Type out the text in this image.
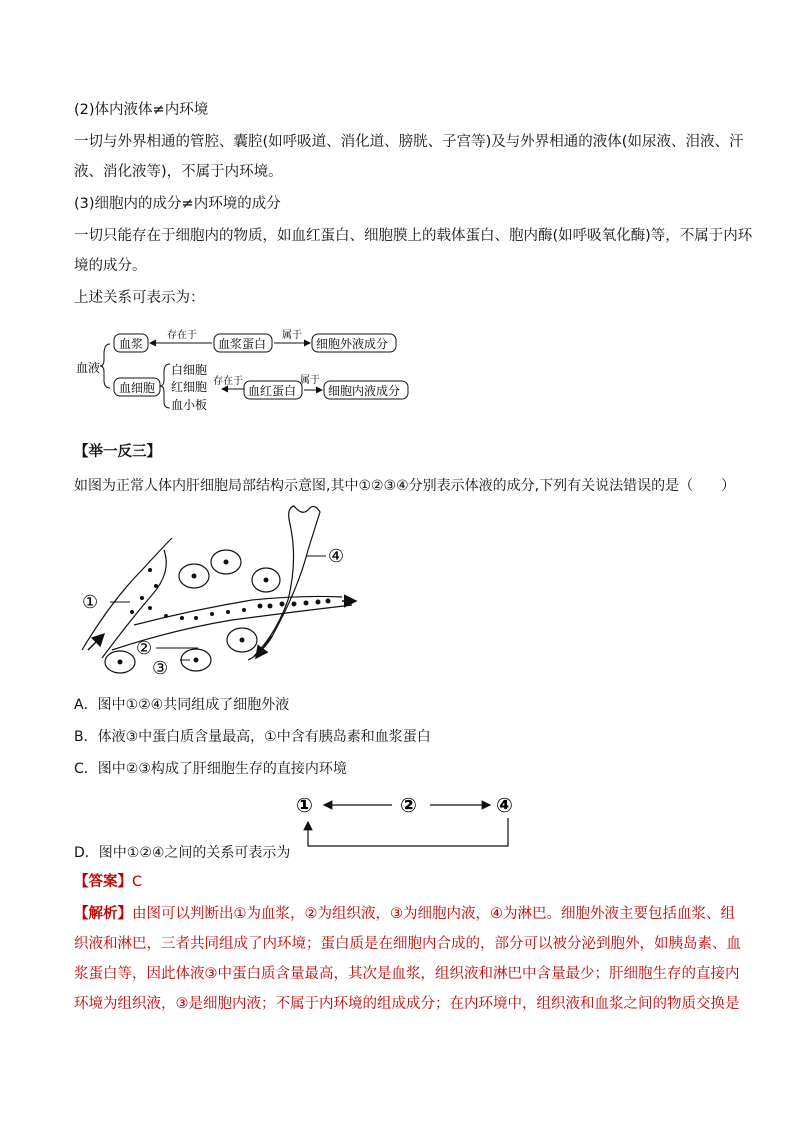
(2)体内液体≠内环境
一切与外界相通的管腔、囊腔(如呼吸道、消化道、膀胱、子宫等)及与外界相通的液体(如尿液、泪液、汗
液、消化液等)，不属于内环境。
(3)细胞内的成分≠内环境的成分
一切只能存在于细胞内的物质，如血红蛋白、细胞膜上的载体蛋白、胞内酶(如呼吸氧化酶)等，不属于内环
境的成分。
上述关系可表示为：
血液
血浆
存在于
血浆蛋白
属于
细胞外液成分
血细胞
白细胞
红细胞
血小板
存在于
血红蛋白
属于
细胞内液成分
【举一反三】
如图为正常人体内肝细胞局部结构示意图,其中①②③④分别表示体液的成分,下列有关说法错误的是（　　）
①
②
③
④
A．图中①②④共同组成了细胞外液
B．体液③中蛋白质含量最高，①中含有胰岛素和血浆蛋白
C．图中②③构成了肝细胞生存的直接内环境
①	②	④
D．图中①②④之间的关系可表示为
【答案】C
【解析】由图可以判断出①为血浆，②为组织液，③为细胞内液，④为淋巴。细胞外液主要包括血浆、组
织液和淋巴，三者共同组成了内环境；蛋白质是在细胞内合成的，部分可以被分泌到胞外，如胰岛素、血
浆蛋白等，因此体液③中蛋白质含量最高，其次是血浆，组织液和淋巴中含量最少；肝细胞生存的直接内
环境为组织液，③是细胞内液；不属于内环境的组成成分；在内环境中，组织液和血浆之间的物质交换是
